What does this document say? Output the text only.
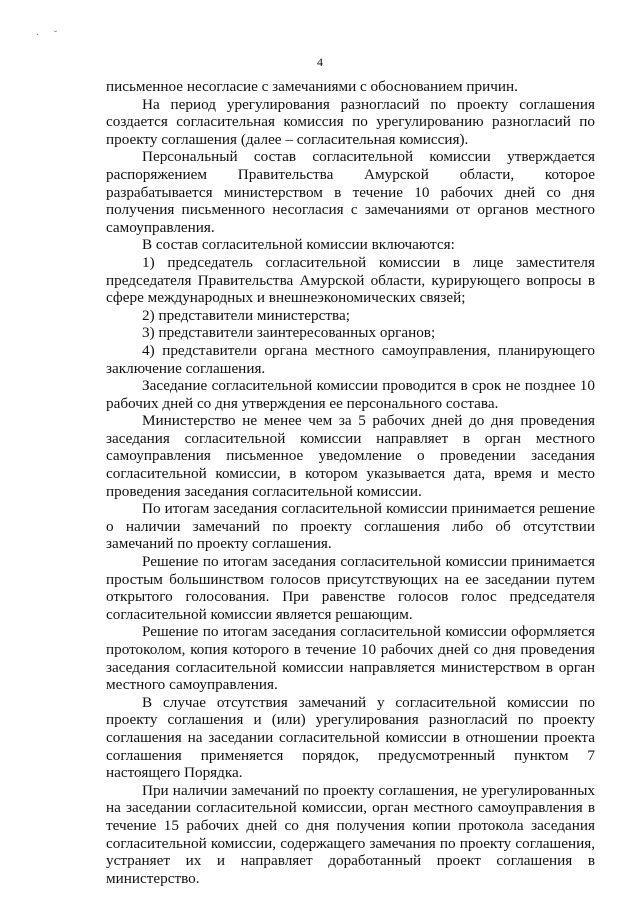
· ˇ
4

письменное несогласие с замечаниями с обоснованием причин.

На период урегулирования разногласий по проекту соглашения создается согласительная комиссия по урегулированию разногласий по проекту соглашения (далее – согласительная комиссия).

Персональный состав согласительной комиссии утверждается распоряжением Правительства Амурской области, которое разрабатывается министерством в течение 10 рабочих дней со дня получения письменного несогласия с замечаниями от органов местного самоуправления.

В состав согласительной комиссии включаются:

1) председатель согласительной комиссии в лице заместителя председателя Правительства Амурской области, курирующего вопросы в сфере международных и внешнеэкономических связей;

2) представители министерства;

3) представители заинтересованных органов;

4) представители органа местного самоуправления, планирующего заключение соглашения.

Заседание согласительной комиссии проводится в срок не позднее 10 рабочих дней со дня утверждения ее персонального состава.

Министерство не менее чем за 5 рабочих дней до дня проведения заседания согласительной комиссии направляет в орган местного самоуправления письменное уведомление о проведении заседания согласительной комиссии, в котором указывается дата, время и место проведения заседания согласительной комиссии.

По итогам заседания согласительной комиссии принимается решение о наличии замечаний по проекту соглашения либо об отсутствии замечаний по проекту соглашения.

Решение по итогам заседания согласительной комиссии принимается простым большинством голосов присутствующих на ее заседании путем открытого голосования. При равенстве голосов голос председателя согласительной комиссии является решающим.

Решение по итогам заседания согласительной комиссии оформляется протоколом, копия которого в течение 10 рабочих дней со дня проведения заседания согласительной комиссии направляется министерством в орган местного самоуправления.

В случае отсутствия замечаний у согласительной комиссии по проекту соглашения и (или) урегулирования разногласий по проекту соглашения на заседании согласительной комиссии в отношении проекта соглашения применяется порядок, предусмотренный пунктом 7 настоящего Порядка.

При наличии замечаний по проекту соглашения, не урегулированных на заседании согласительной комиссии, орган местного самоуправления в течение 15 рабочих дней со дня получения копии протокола заседания согласительной комиссии, содержащего замечания по проекту соглашения, устраняет их и направляет доработанный проект соглашения в министерство.
